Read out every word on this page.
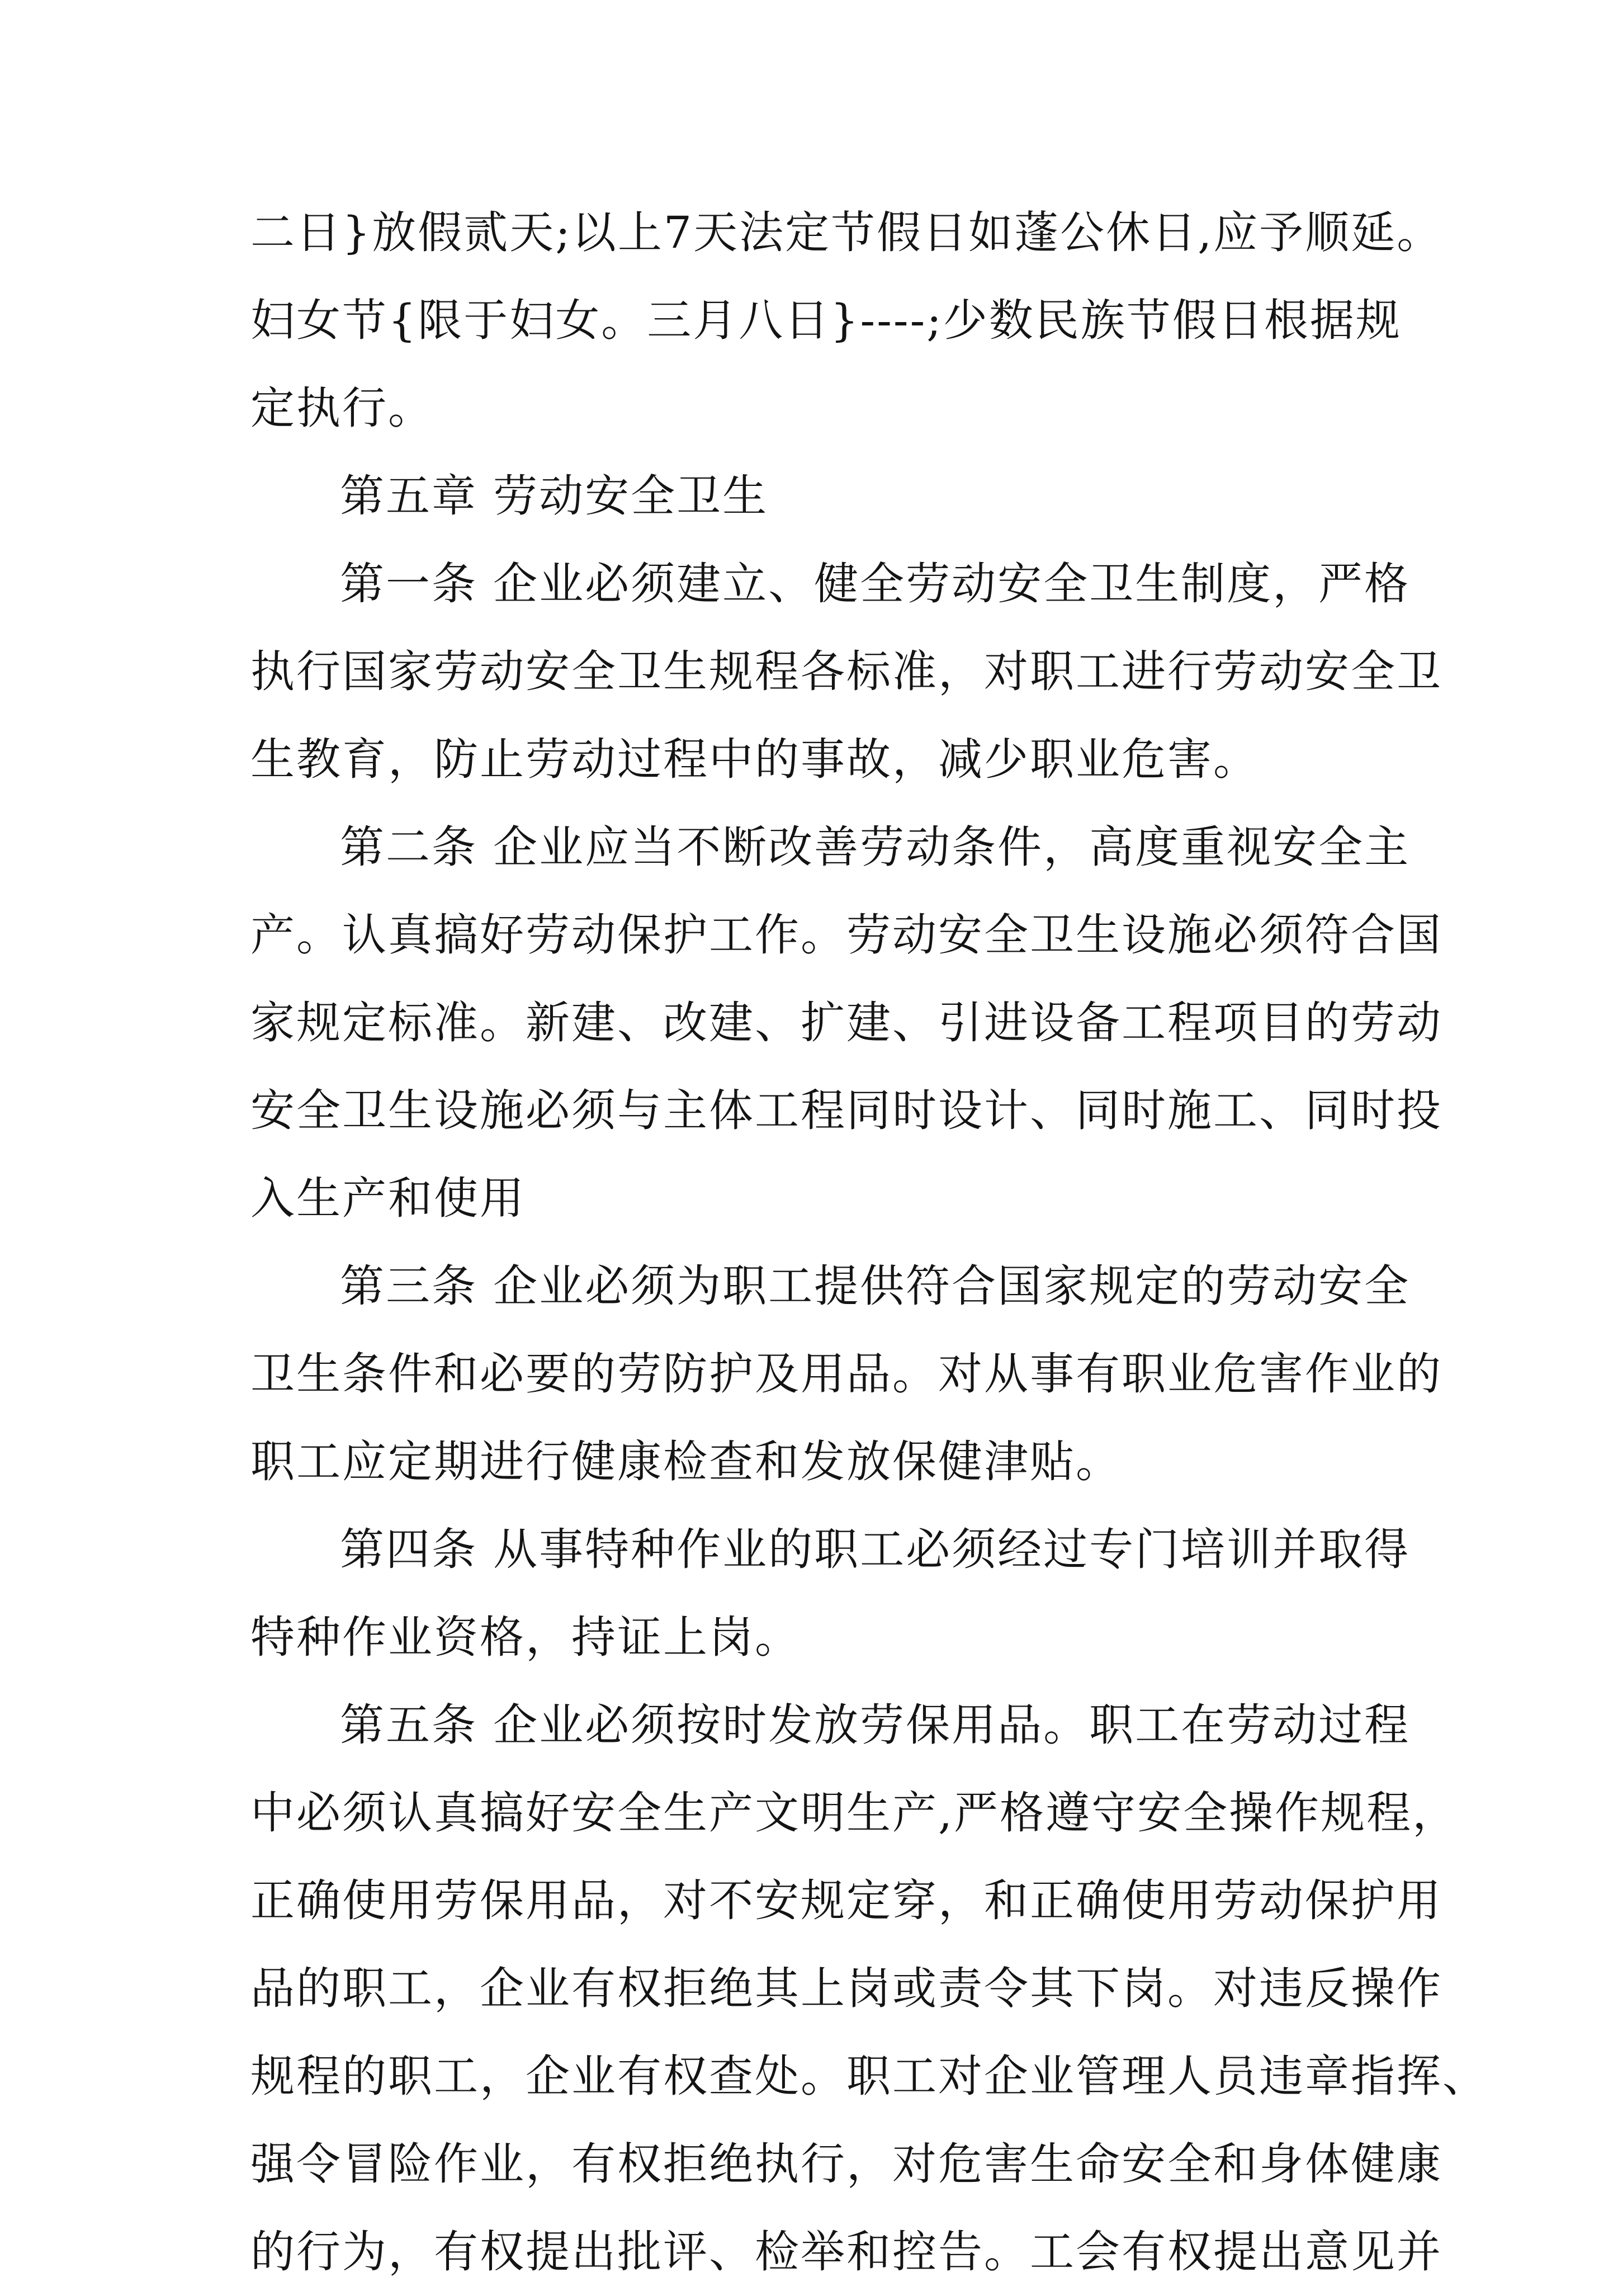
二日}放假贰天;以上7天法定节假日如蓬公休日,应予顺延。
妇女节{限于妇女。三月八日}----;少数民族节假日根据规
定执行。
第五章 劳动安全卫生
第一条 企业必须建立、健全劳动安全卫生制度，严格
执行国家劳动安全卫生规程各标准，对职工进行劳动安全卫
生教育，防止劳动过程中的事故，减少职业危害。
第二条 企业应当不断改善劳动条件，高度重视安全主
产。认真搞好劳动保护工作。劳动安全卫生设施必须符合国
家规定标准。新建、改建、扩建、引进设备工程项目的劳动
安全卫生设施必须与主体工程同时设计、同时施工、同时投
入生产和使用
第三条 企业必须为职工提供符合国家规定的劳动安全
卫生条件和必要的劳防护及用品。对从事有职业危害作业的
职工应定期进行健康检查和发放保健津贴。
第四条 从事特种作业的职工必须经过专门培训并取得
特种作业资格，持证上岗。
第五条 企业必须按时发放劳保用品。职工在劳动过程
中必须认真搞好安全生产文明生产,严格遵守安全操作规程，
正确使用劳保用品，对不安规定穿，和正确使用劳动保护用
品的职工，企业有权拒绝其上岗或责令其下岗。对违反操作
规程的职工，企业有权查处。职工对企业管理人员违章指挥、
强令冒险作业，有权拒绝执行，对危害生命安全和身体健康
的行为，有权提出批评、检举和控告。工会有权提出意见并
